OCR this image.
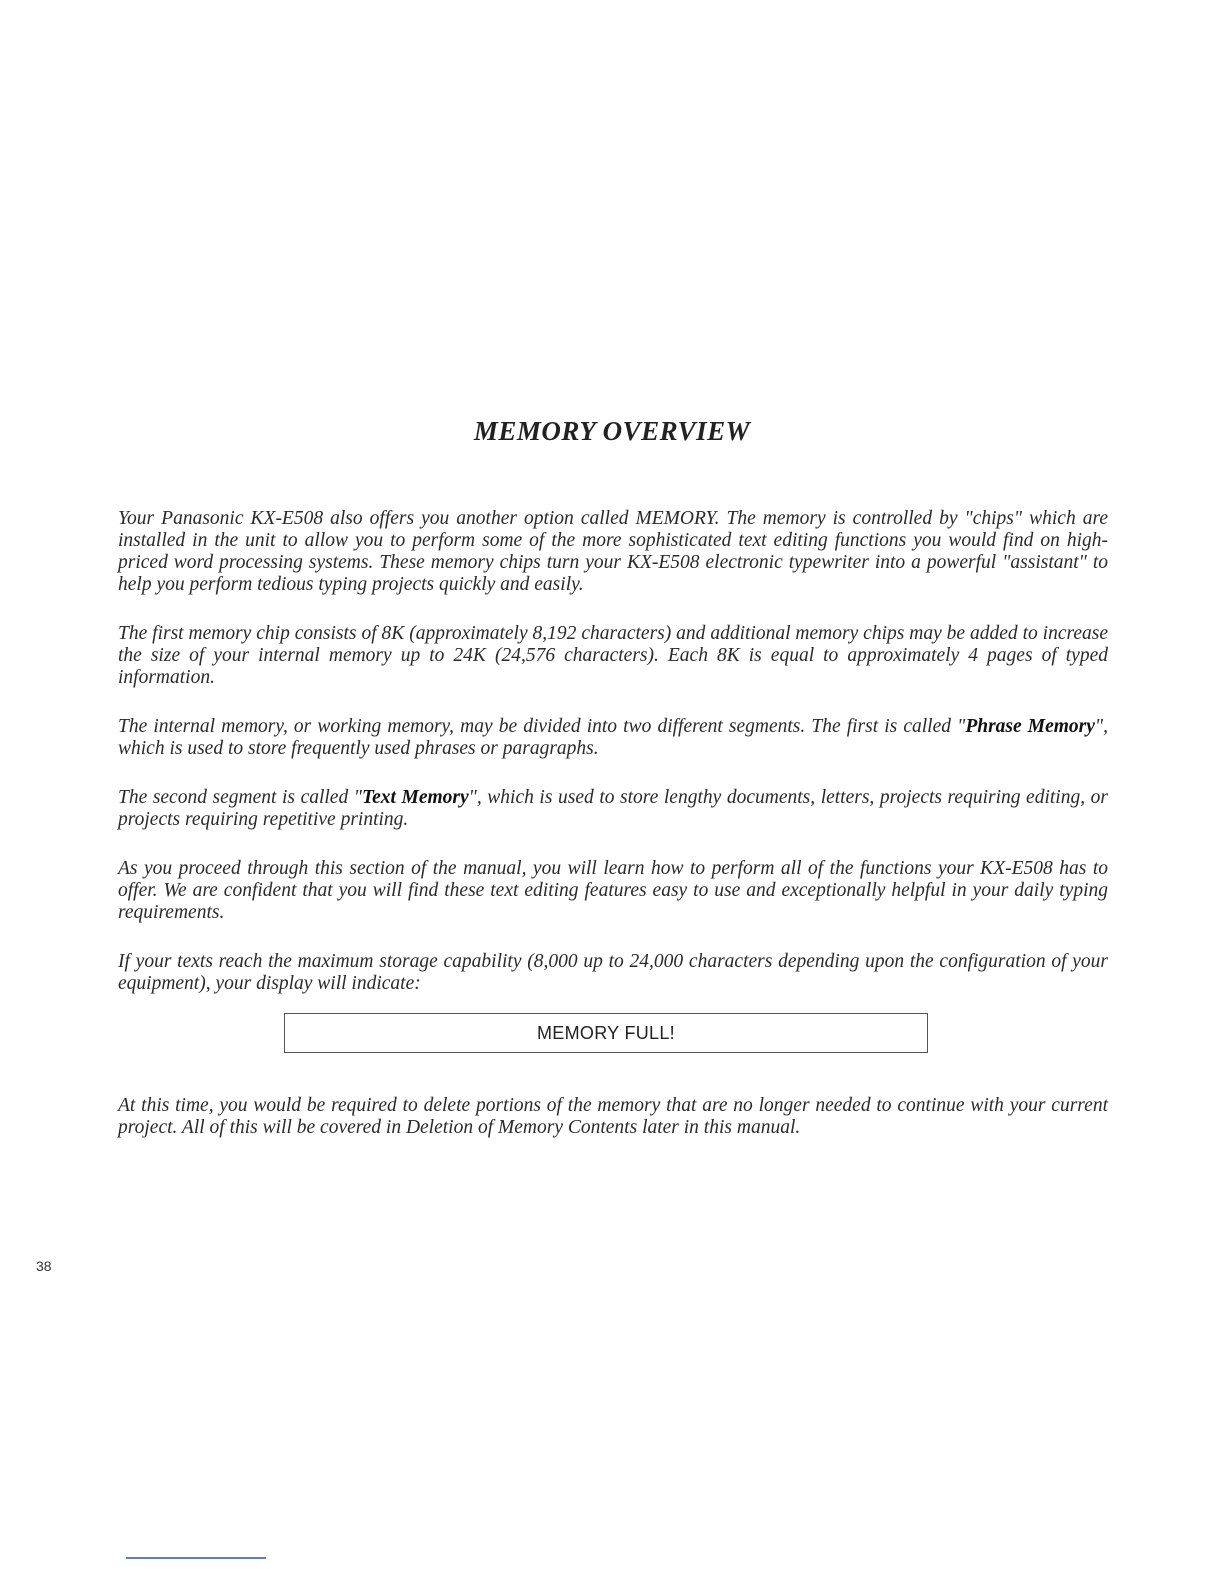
MEMORY OVERVIEW

Your Panasonic KX-E508 also offers you another option called MEMORY. The memory is controlled by "chips" which are installed in the unit to allow you to perform some of the more sophisticated text editing functions you would find on high-priced word processing systems. These memory chips turn your KX-E508 electronic typewriter into a powerful "assistant" to help you perform tedious typing projects quickly and easily.

The first memory chip consists of 8K (approximately 8,192 characters) and additional memory chips may be added to increase the size of your internal memory up to 24K (24,576 characters). Each 8K is equal to approximately 4 pages of typed information.

The internal memory, or working memory, may be divided into two different segments. The first is called "Phrase Memory", which is used to store frequently used phrases or paragraphs.

The second segment is called "Text Memory", which is used to store lengthy documents, letters, projects requiring editing, or projects requiring repetitive printing.

As you proceed through this section of the manual, you will learn how to perform all of the functions your KX-E508 has to offer. We are confident that you will find these text editing features easy to use and exceptionally helpful in your daily typing requirements.

If your texts reach the maximum storage capability (8,000 up to 24,000 characters depending upon the configuration of your equipment), your display will indicate:

MEMORY FULL!

At this time, you would be required to delete portions of the memory that are no longer needed to continue with your current project. All of this will be covered in Deletion of Memory Contents later in this manual.

38
